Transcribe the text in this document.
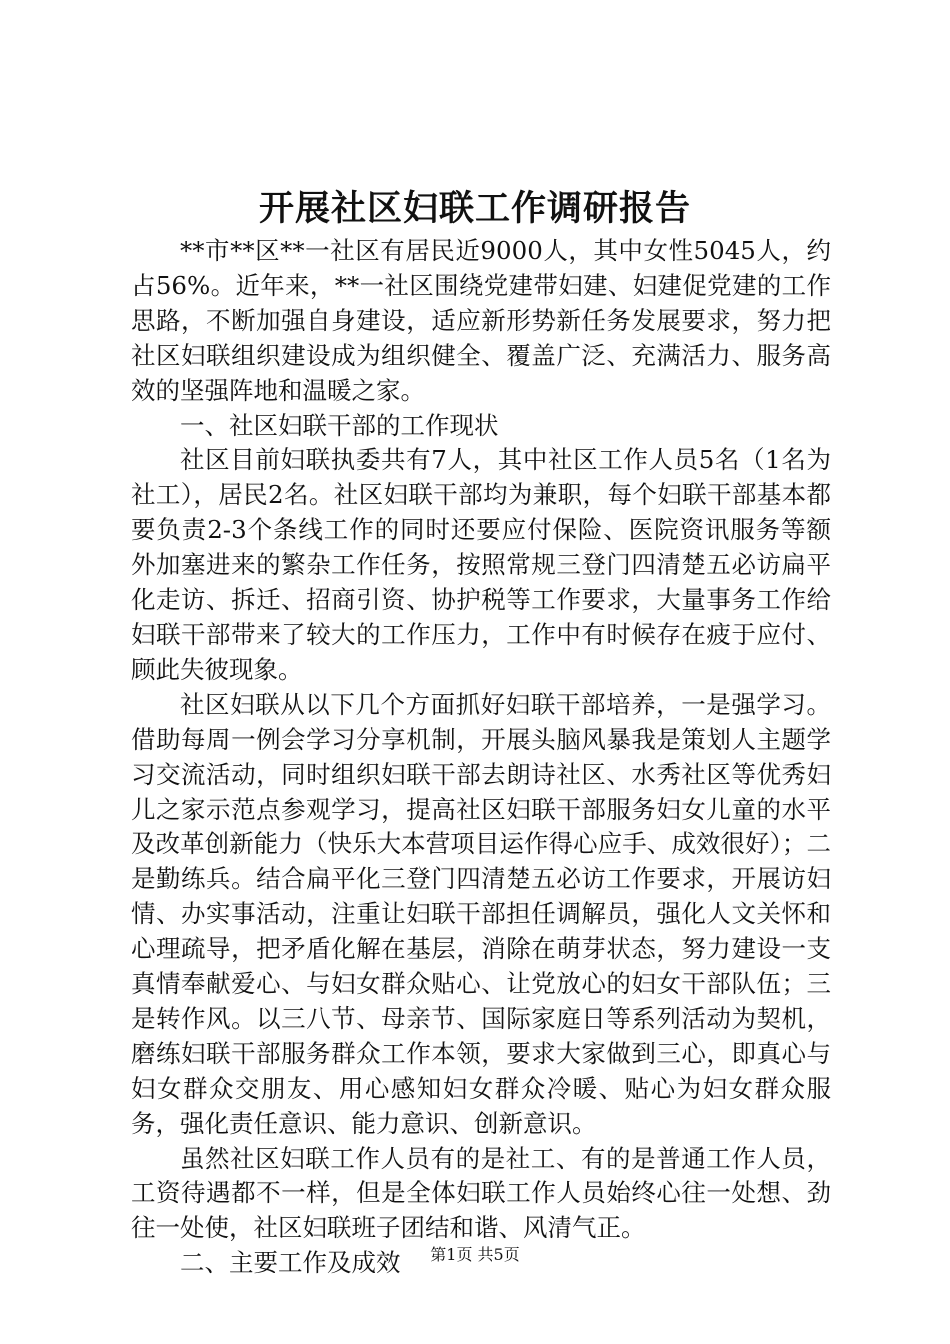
开展社区妇联工作调研报告

**市**区**一社区有居民近9000人，其中女性5045人，约占56%。近年来，**一社区围绕党建带妇建、妇建促党建的工作思路，不断加强自身建设，适应新形势新任务发展要求，努力把社区妇联组织建设成为组织健全、覆盖广泛、充满活力、服务高效的坚强阵地和温暖之家。

一、社区妇联干部的工作现状

社区目前妇联执委共有7人，其中社区工作人员5名（1名为社工），居民2名。社区妇联干部均为兼职，每个妇联干部基本都要负责2-3个条线工作的同时还要应付保险、医院资讯服务等额外加塞进来的繁杂工作任务，按照常规三登门四清楚五必访扁平化走访、拆迁、招商引资、协护税等工作要求，大量事务工作给妇联干部带来了较大的工作压力，工作中有时候存在疲于应付、顾此失彼现象。

社区妇联从以下几个方面抓好妇联干部培养，一是强学习。借助每周一例会学习分享机制，开展头脑风暴我是策划人主题学习交流活动，同时组织妇联干部去朗诗社区、水秀社区等优秀妇儿之家示范点参观学习，提高社区妇联干部服务妇女儿童的水平及改革创新能力（快乐大本营项目运作得心应手、成效很好）；二是勤练兵。结合扁平化三登门四清楚五必访工作要求，开展访妇情、办实事活动，注重让妇联干部担任调解员，强化人文关怀和心理疏导，把矛盾化解在基层，消除在萌芽状态，努力建设一支真情奉献爱心、与妇女群众贴心、让党放心的妇女干部队伍；三是转作风。以三八节、母亲节、国际家庭日等系列活动为契机，磨练妇联干部服务群众工作本领，要求大家做到三心，即真心与妇女群众交朋友、用心感知妇女群众冷暖、贴心为妇女群众服务，强化责任意识、能力意识、创新意识。

虽然社区妇联工作人员有的是社工、有的是普通工作人员，工资待遇都不一样，但是全体妇联工作人员始终心往一处想、劲往一处使，社区妇联班子团结和谐、风清气正。

二、主要工作及成效	第1页 共5页
